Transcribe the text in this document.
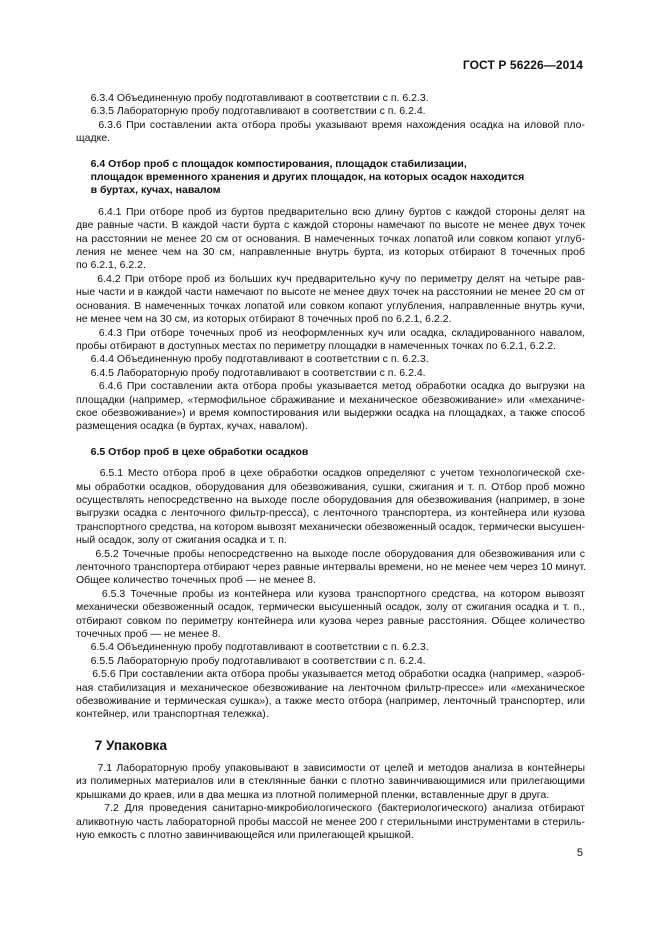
ГОСТ Р 56226—2014
6.3.4 Объединенную пробу подготавливают в соответствии с п. 6.2.3.
6.3.5 Лабораторную пробу подготавливают в соответствии с п. 6.2.4.
6.3.6 При составлении акта отбора пробы указывают время нахождения осадка на иловой пло-
щадке.
6.4 Отбор проб с площадок компостирования, площадок стабилизации,
площадок временного хранения и других площадок, на которых осадок находится
в буртах, кучах, навалом
6.4.1 При отборе проб из буртов предварительно всю длину буртов с каждой стороны делят на
две равные части. В каждой части бурта с каждой стороны намечают по высоте не менее двух точек
на расстоянии не менее 20 см от основания. В намеченных точках лопатой или совком копают углуб-
ления не менее чем на 30 см, направленные внутрь бурта, из которых отбирают 8 точечных проб
по 6.2.1, 6.2.2.
6.4.2 При отборе проб из больших куч предварительно кучу по периметру делят на четыре рав-
ные части и в каждой части намечают по высоте не менее двух точек на расстоянии не менее 20 см от
основания. В намеченных точках лопатой или совком копают углубления, направленные внутрь кучи,
не менее чем на 30 см, из которых отбирают 8 точечных проб по 6.2.1, 6.2.2.
6.4.3 При отборе точечных проб из неоформленных куч или осадка, складированного навалом,
пробы отбирают в доступных местах по периметру площадки в намеченных точках по 6.2.1, 6.2.2.
6.4.4 Объединенную пробу подготавливают в соответствии с п. 6.2.3.
6.4.5 Лабораторную пробу подготавливают в соответствии с п. 6.2.4.
6.4.6 При составлении акта отбора пробы указывается метод обработки осадка до выгрузки на
площадки (например, «термофильное сбраживание и механическое обезвоживание» или «механиче-
ское обезвоживание») и время компостирования или выдержки осадка на площадках, а также способ
размещения осадка (в буртах, кучах, навалом).
6.5 Отбор проб в цехе обработки осадков
6.5.1 Место отбора проб в цехе обработки осадков определяют с учетом технологической схе-
мы обработки осадков, оборудования для обезвоживания, сушки, сжигания и т. п. Отбор проб можно
осуществлять непосредственно на выходе после оборудования для обезвоживания (например, в зоне
выгрузки осадка с ленточного фильтр-пресса), с ленточного транспортера, из контейнера или кузова
транспортного средства, на котором вывозят механически обезвоженный осадок, термически высушен-
ный осадок, золу от сжигания осадка и т. п.
6.5.2 Точечные пробы непосредственно на выходе после оборудования для обезвоживания или с
ленточного транспортера отбирают через равные интервалы времени, но не менее чем через 10 минут.
Общее количество точечных проб — не менее 8.
6.5.3 Точечные пробы из контейнера или кузова транспортного средства, на котором вывозят
механически обезвоженный осадок, термически высушенный осадок, золу от сжигания осадка и т. п.,
отбирают совком по периметру контейнера или кузова через равные расстояния. Общее количество
точечных проб — не менее 8.
6.5.4 Объединенную пробу подготавливают в соответствии с п. 6.2.3.
6.5.5 Лабораторную пробу подготавливают в соответствии с п. 6.2.4.
6.5.6 При составлении акта отбора пробы указывается метод обработки осадка (например, «аэроб-
ная стабилизация и механическое обезвоживание на ленточном фильтр-прессе» или «механическое
обезвоживание и термическая сушка»), а также место отбора (например, ленточный транспортер, или
контейнер, или транспортная тележка).
7 Упаковка
7.1 Лабораторную пробу упаковывают в зависимости от целей и методов анализа в контейнеры
из полимерных материалов или в стеклянные банки с плотно завинчивающимися или прилегающими
крышками до краев, или в два мешка из плотной полимерной пленки, вставленные друг в друга.
7.2 Для проведения санитарно-микробиологического (бактериологического) анализа отбирают
аликвотную часть лабораторной пробы массой не менее 200 г стерильными инструментами в стериль-
ную емкость с плотно завинчивающейся или прилегающей крышкой.
5
